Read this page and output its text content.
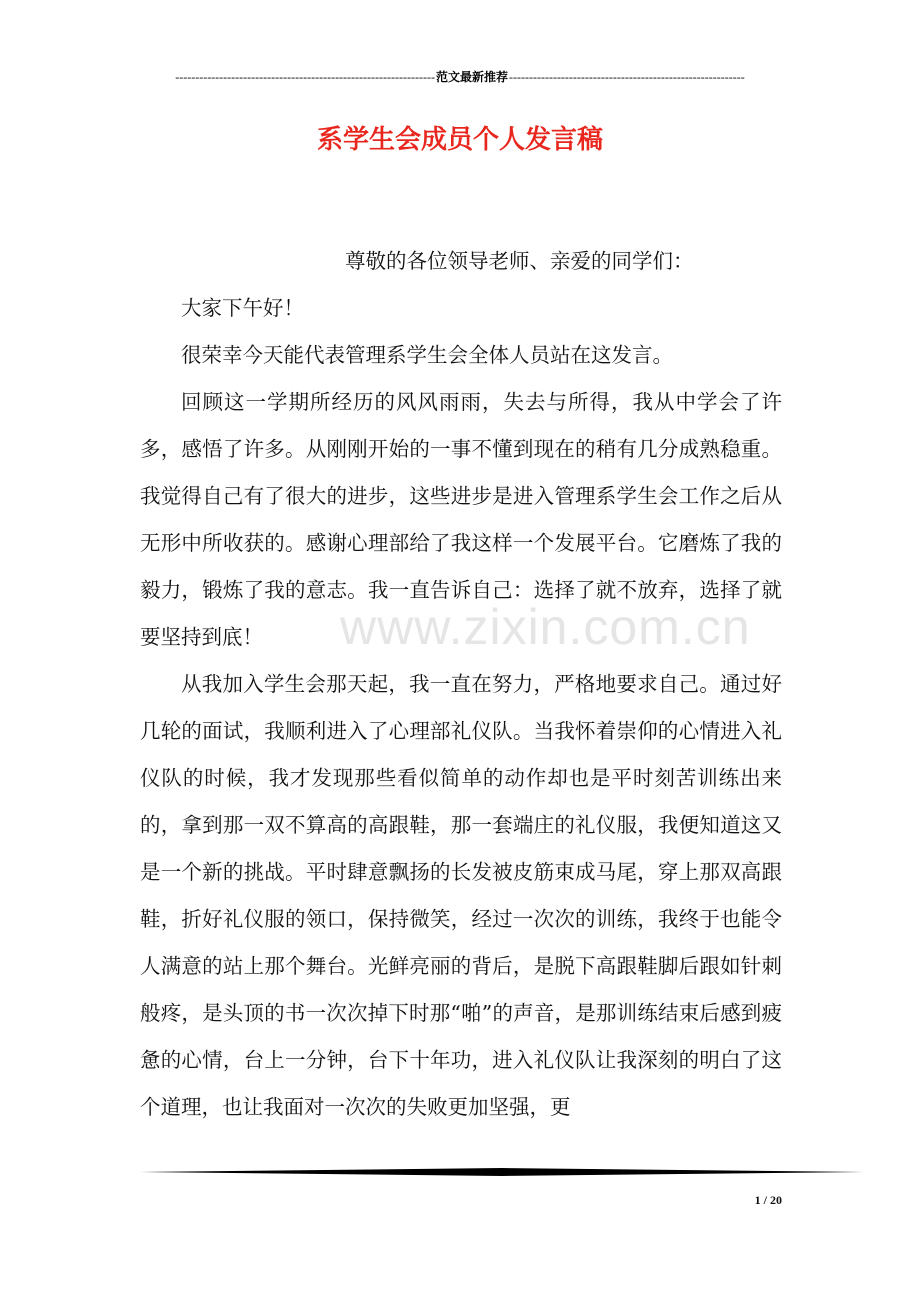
-----------------------------------------------------------------范文最新推荐-----------------------------------------------------------
系学生会成员个人发言稿

尊敬的各位领导老师、亲爱的同学们：

大家下午好！

很荣幸今天能代表管理系学生会全体人员站在这发言。

回顾这一学期所经历的风风雨雨，失去与所得，我从中学会了许多，感悟了许多。从刚刚开始的一事不懂到现在的稍有几分成熟稳重。我觉得自己有了很大的进步，这些进步是进入管理系学生会工作之后从无形中所收获的。感谢心理部给了我这样一个发展平台。它磨炼了我的毅力，锻炼了我的意志。我一直告诉自己：选择了就不放弃，选择了就要坚持到底！

从我加入学生会那天起，我一直在努力，严格地要求自己。通过好几轮的面试，我顺利进入了心理部礼仪队。当我怀着崇仰的心情进入礼仪队的时候，我才发现那些看似简单的动作却也是平时刻苦训练出来的，拿到那一双不算高的高跟鞋，那一套端庄的礼仪服，我便知道这又是一个新的挑战。平时肆意飘扬的长发被皮筋束成马尾，穿上那双高跟鞋，折好礼仪服的领口，保持微笑，经过一次次的训练，我终于也能令人满意的站上那个舞台。光鲜亮丽的背后，是脱下高跟鞋脚后跟如针刺般疼，是头顶的书一次次掉下时那“啪”的声音，是那训练结束后感到疲惫的心情，台上一分钟，台下十年功，进入礼仪队让我深刻的明白了这个道理，也让我面对一次次的失败更加坚强，更

www.zixin.com.cn
1 / 20
